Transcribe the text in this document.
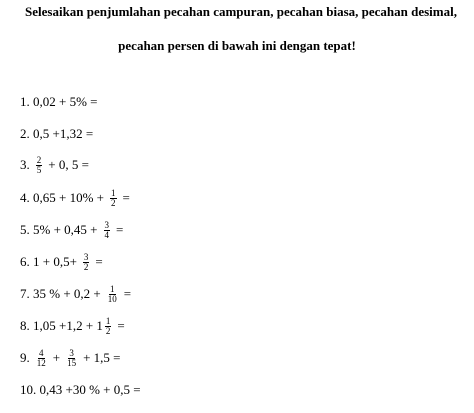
Selesaikan penjumlahan pecahan campuran, pecahan biasa, pecahan desimal,
pecahan persen di bawah ini dengan tepat!
1. 0,02 + 5% =
2. 0,5 +1,32 =
3. $\frac{2}{5} + 0$, 5 =
4. $0,65 + 10\% + \frac{1}{2}$ =
5. $5\% + 0,45 + \frac{3}{4}$ =
6. $1 + 0,5+ \frac{3}{2}$ =
7. 35 % + $0,2 + \frac{1}{10}$ =
8. $1,05 +1,2 + 1 \frac{1}{2}$ =
9. $\frac{4}{12} + \frac{3}{15} + 1,5$ =
10. 0,43 +30 % + 0,5 =
